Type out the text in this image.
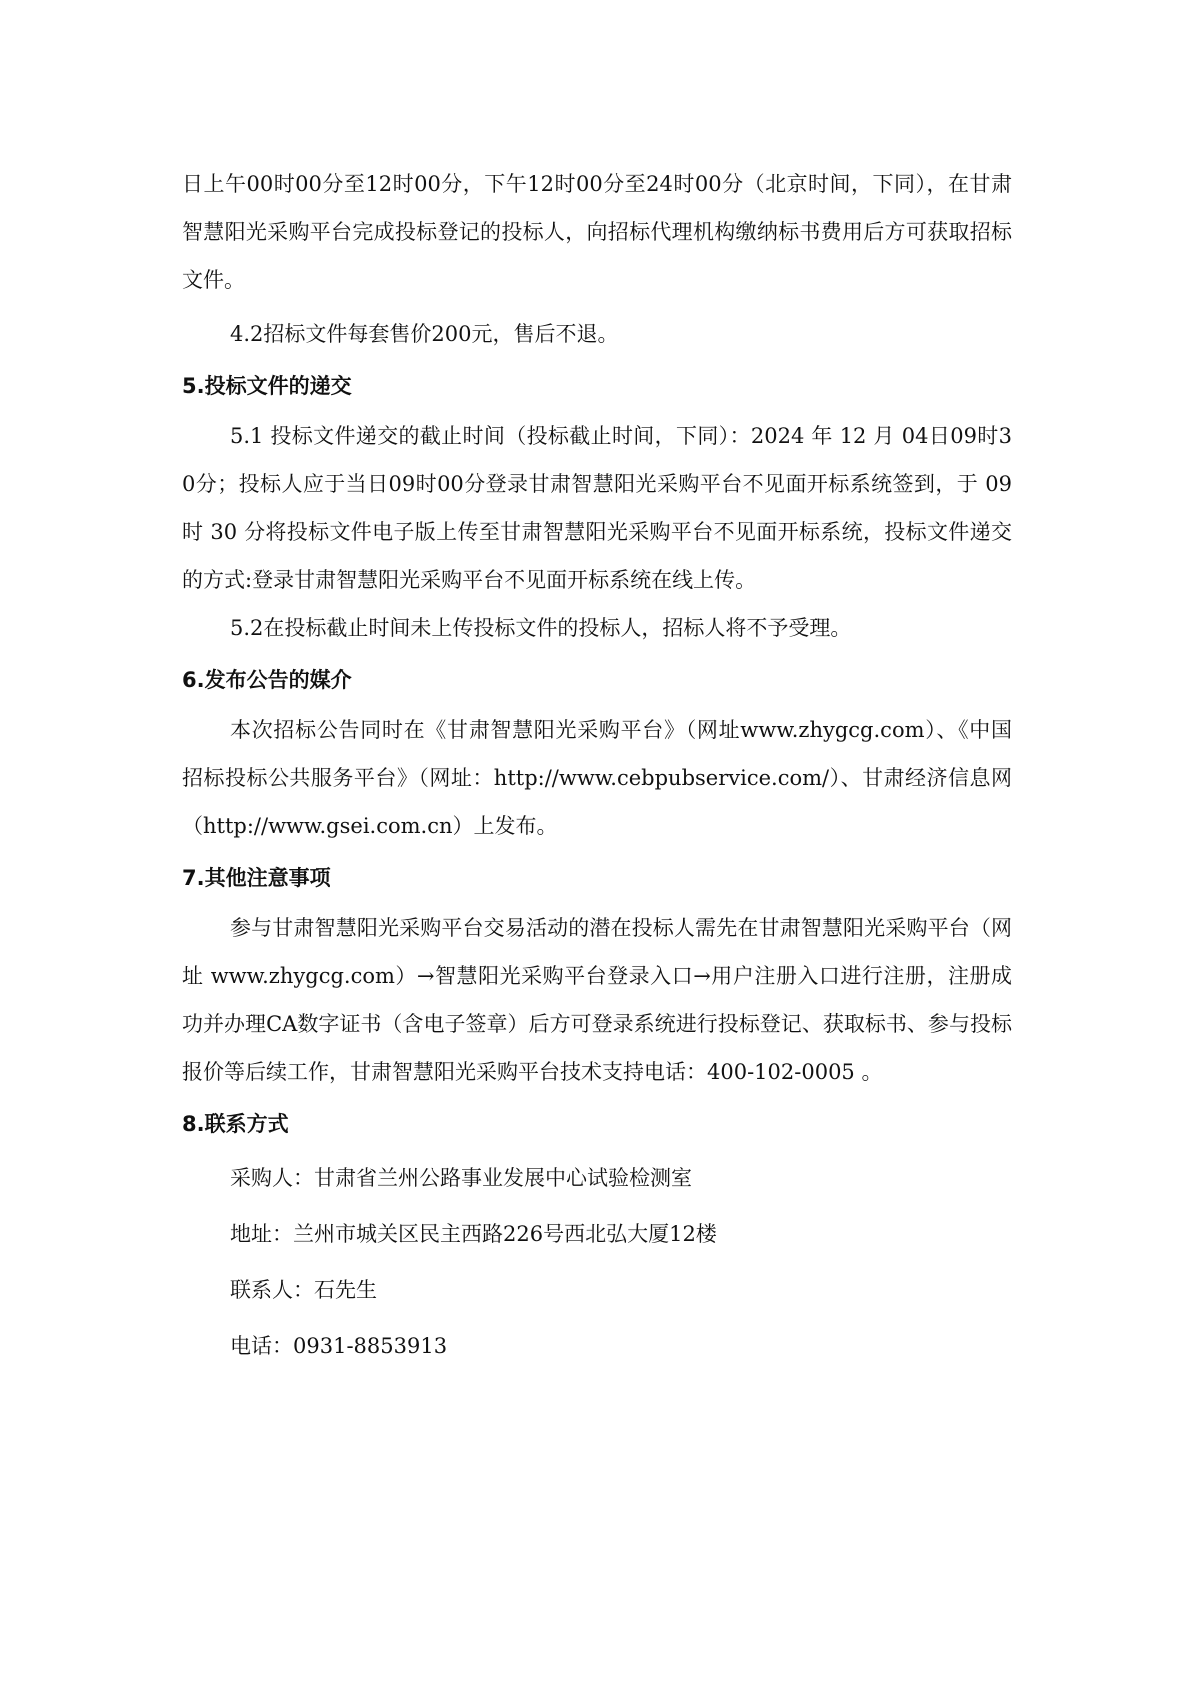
日上午00时00分至12时00分，下午12时00分至24时00分（北京时间，下同），在甘肃智慧阳光采购平台完成投标登记的投标人，向招标代理机构缴纳标书费用后方可获取招标文件。

4.2招标文件每套售价200元，售后不退。

5.投标文件的递交

5.1 投标文件递交的截止时间（投标截止时间，下同）：2024 年 12 月 04日09时30分；投标人应于当日09时00分登录甘肃智慧阳光采购平台不见面开标系统签到，于 09 时 30 分将投标文件电子版上传至甘肃智慧阳光采购平台不见面开标系统，投标文件递交的方式:登录甘肃智慧阳光采购平台不见面开标系统在线上传。

5.2在投标截止时间未上传投标文件的投标人，招标人将不予受理。

6.发布公告的媒介

本次招标公告同时在《甘肃智慧阳光采购平台》（网址www.zhygcg.com）、《中国招标投标公共服务平台》（网址：http://www.cebpubservice.com/）、甘肃经济信息网（http://www.gsei.com.cn）上发布。

7.其他注意事项

参与甘肃智慧阳光采购平台交易活动的潜在投标人需先在甘肃智慧阳光采购平台（网址 www.zhygcg.com）→智慧阳光采购平台登录入口→用户注册入口进行注册，注册成功并办理CA数字证书（含电子签章）后方可登录系统进行投标登记、获取标书、参与投标报价等后续工作，甘肃智慧阳光采购平台技术支持电话：400-102-0005 。

8.联系方式

采购人：甘肃省兰州公路事业发展中心试验检测室

地址：兰州市城关区民主西路226号西北弘大厦12楼

联系人：石先生

电话：0931-8853913
